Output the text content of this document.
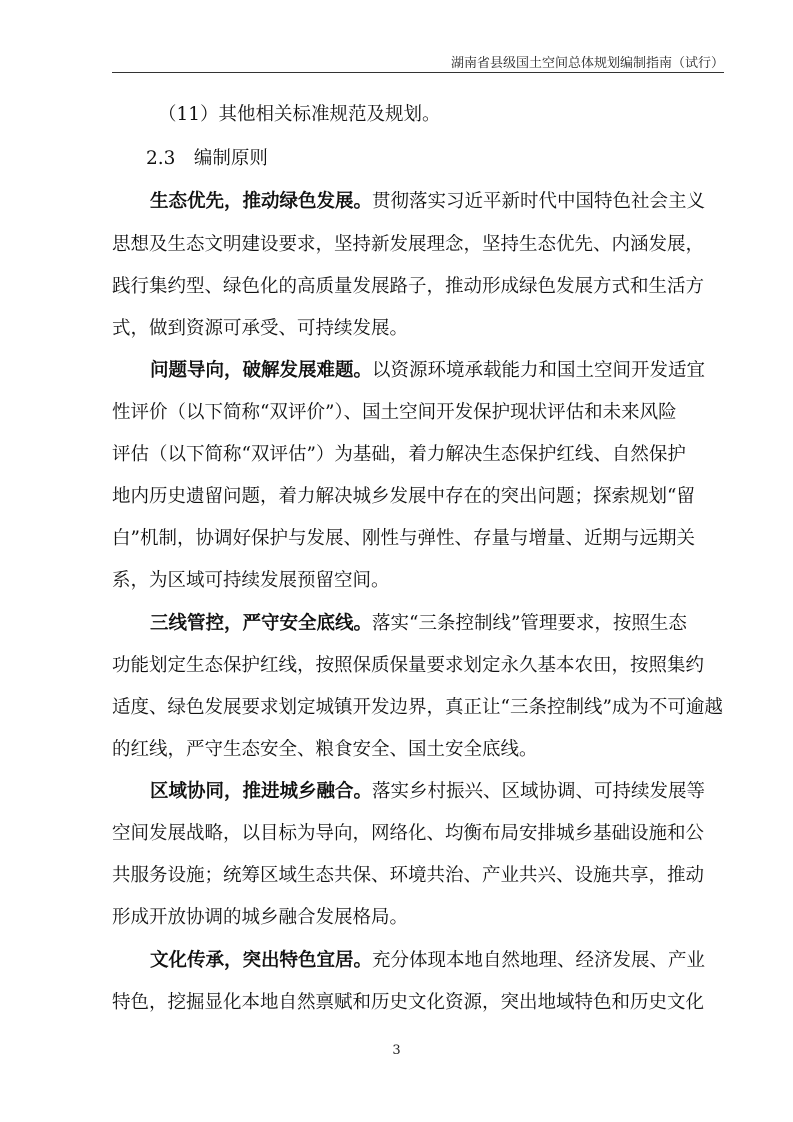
湖南省县级国土空间总体规划编制指南（试行）
（11）其他相关标准规范及规划。
2.3　编制原则
生态优先，推动绿色发展。贯彻落实习近平新时代中国特色社会主义
思想及生态文明建设要求，坚持新发展理念，坚持生态优先、内涵发展，
践行集约型、绿色化的高质量发展路子，推动形成绿色发展方式和生活方
式，做到资源可承受、可持续发展。
问题导向，破解发展难题。以资源环境承载能力和国土空间开发适宜
性评价（以下简称“双评价”）、国土空间开发保护现状评估和未来风险
评估（以下简称“双评估”）为基础，着力解决生态保护红线、自然保护
地内历史遗留问题，着力解决城乡发展中存在的突出问题；探索规划“留
白”机制，协调好保护与发展、刚性与弹性、存量与增量、近期与远期关
系，为区域可持续发展预留空间。
三线管控，严守安全底线。落实“三条控制线”管理要求，按照生态
功能划定生态保护红线，按照保质保量要求划定永久基本农田，按照集约
适度、绿色发展要求划定城镇开发边界，真正让“三条控制线”成为不可逾越
的红线，严守生态安全、粮食安全、国土安全底线。
区域协同，推进城乡融合。落实乡村振兴、区域协调、可持续发展等
空间发展战略，以目标为导向，网络化、均衡布局安排城乡基础设施和公
共服务设施；统筹区域生态共保、环境共治、产业共兴、设施共享，推动
形成开放协调的城乡融合发展格局。
文化传承，突出特色宜居。充分体现本地自然地理、经济发展、产业
特色，挖掘显化本地自然禀赋和历史文化资源，突出地域特色和历史文化
3
